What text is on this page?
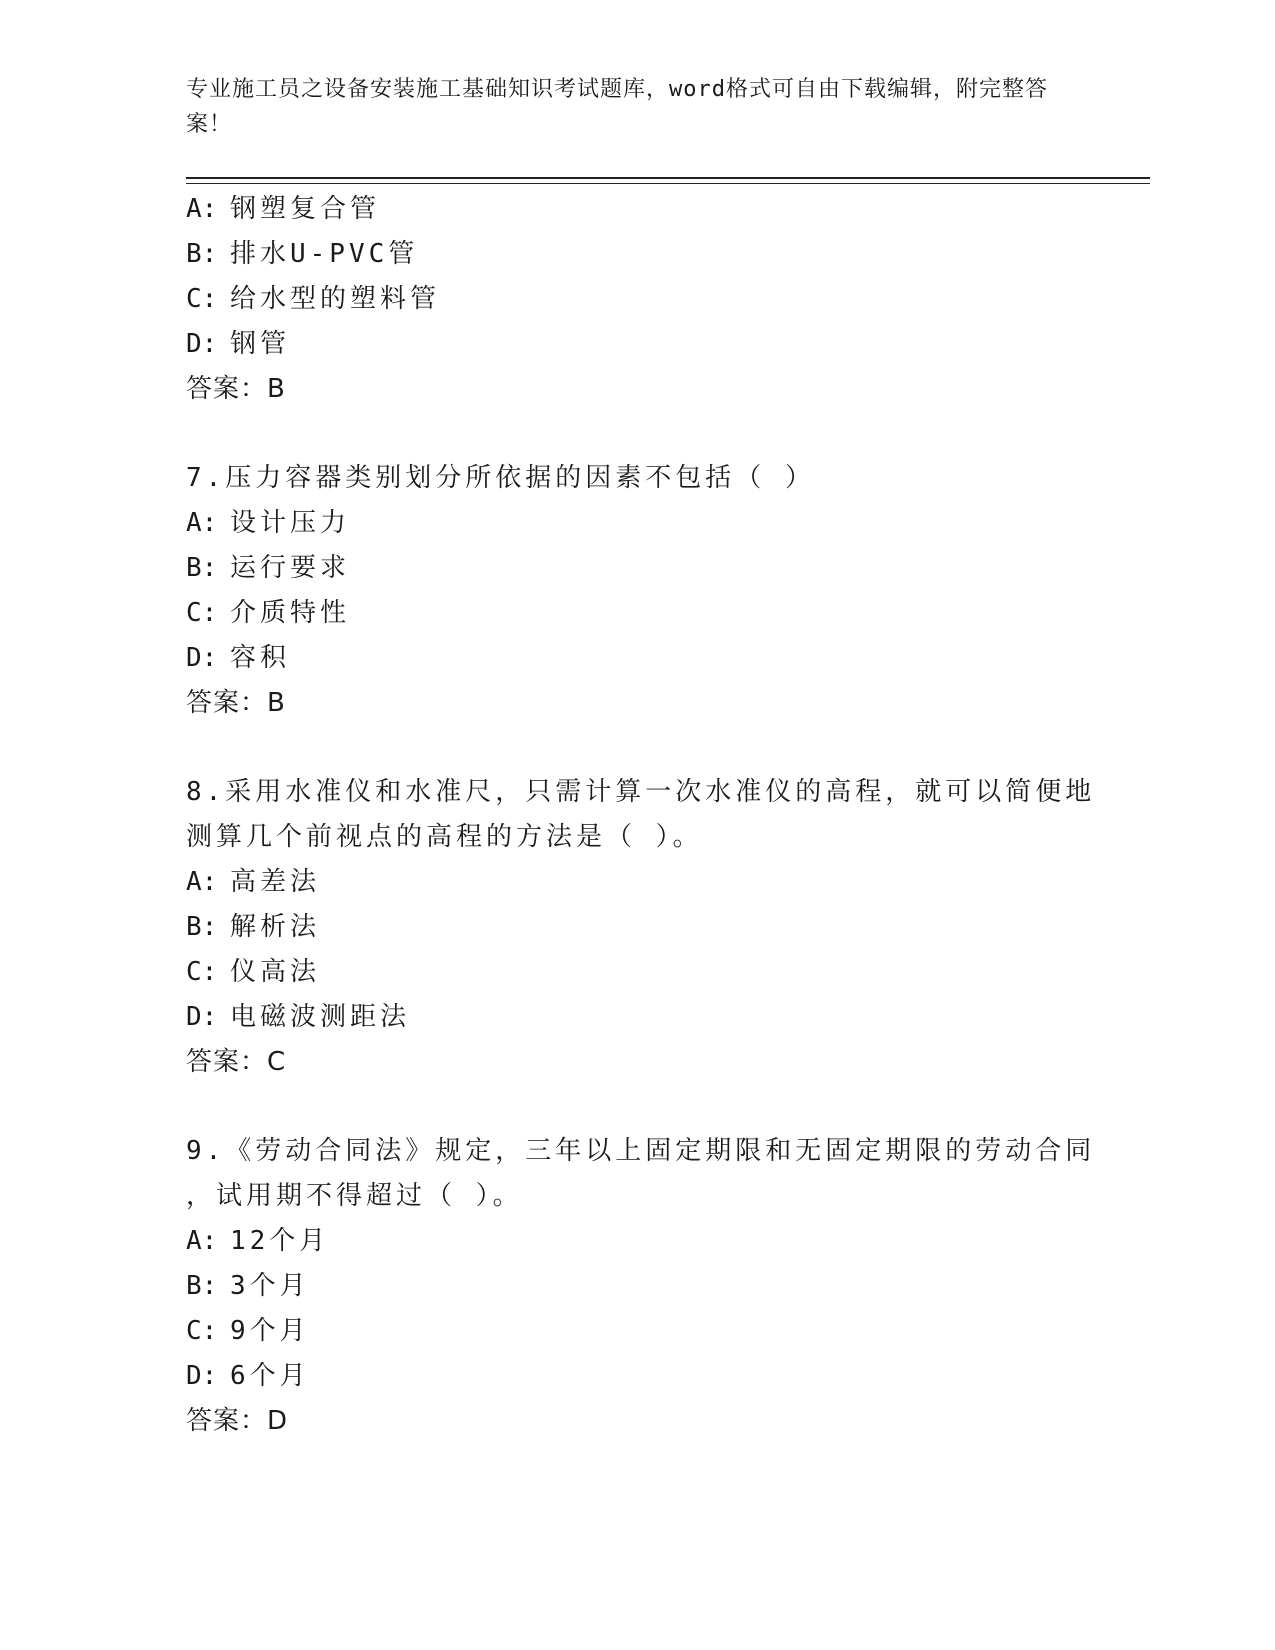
专业施工员之设备安装施工基础知识考试题库，word格式可自由下载编辑，附完整答案！
A: 钢塑复合管
B: 排水U-PVC管
C: 给水型的塑料管
D: 钢管
答案：B
7.压力容器类别划分所依据的因素不包括（ ）
A: 设计压力
B: 运行要求
C: 介质特性
D: 容积
答案：B
8.采用水准仪和水准尺，只需计算一次水准仪的高程，就可以简便地
测算几个前视点的高程的方法是（ ）。
A: 高差法
B: 解析法
C: 仪高法
D: 电磁波测距法
答案：C
9.《劳动合同法》规定，三年以上固定期限和无固定期限的劳动合同
，试用期不得超过（ ）。
A: 12个月
B: 3个月
C: 9个月
D: 6个月
答案：D
